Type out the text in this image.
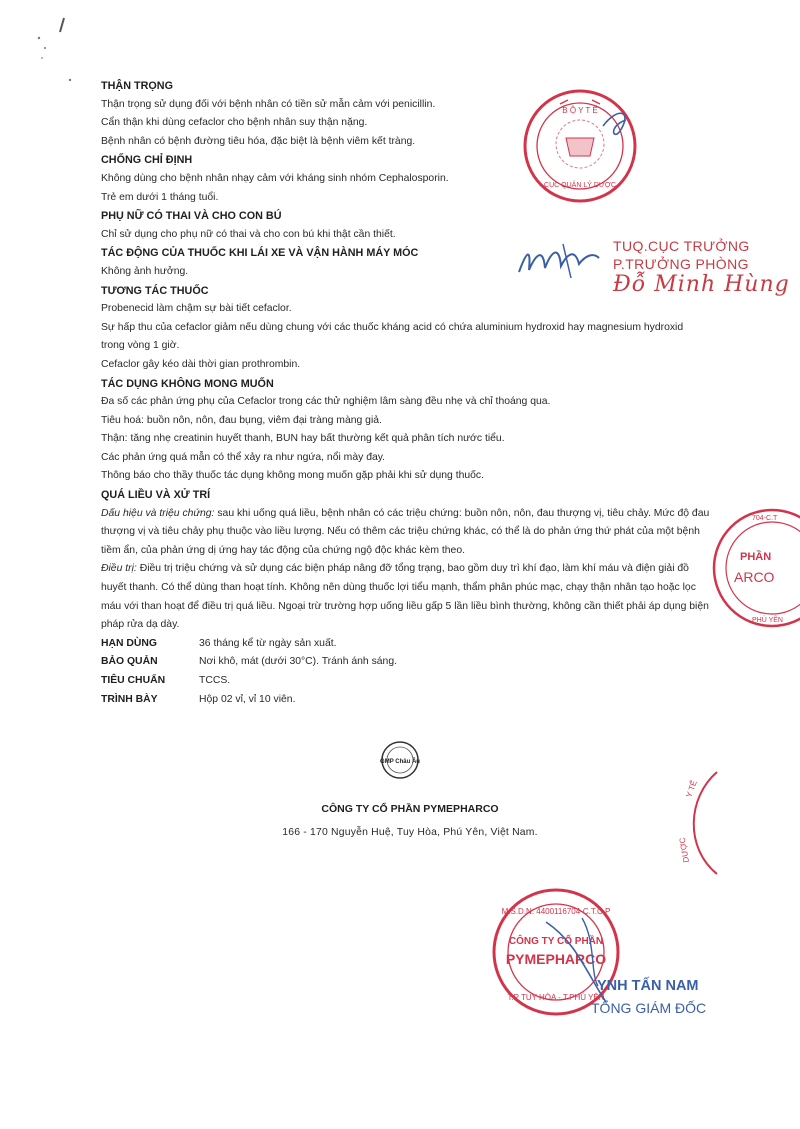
B Ộ Y T Ế
CỤC QUẢN LÝ DƯỢC
TUQ.CỤC TRƯỞNG
P.TRƯỞNG PHÒNG
Đỗ Minh Hùng
PHẦN
ARCO
704-C.T
PHÚ YÊN
Y TẾ
DƯỢC
M.S.D.N: 4400116704-C.T.C.P
CÔNG TY CỔ PHẦN
PYMEPHARCO
T.P TUY HÒA - T.PHÚ YÊN
YNH TẤN NAM
TỔNG GIÁM ĐỐC
THẬN TRỌNG
Thận trọng sử dụng đối với bệnh nhân có tiền sử mẫn cảm với penicillin.
Cẩn thận khi dùng cefaclor cho bệnh nhân suy thận nặng.
Bệnh nhân có bệnh đường tiêu hóa, đặc biệt là bệnh viêm kết tràng.
CHỐNG CHỈ ĐỊNH
Không dùng cho bệnh nhân nhạy cảm với kháng sinh nhóm Cephalosporin.
Trẻ em dưới 1 tháng tuổi.
PHỤ NỮ CÓ THAI VÀ CHO CON BÚ
Chỉ sử dụng cho phụ nữ có thai và cho con bú khi thật cần thiết.
TÁC ĐỘNG CỦA THUỐC KHI LÁI XE VÀ VẬN HÀNH MÁY MÓC
Không ảnh hưởng.
TƯƠNG TÁC THUỐC
Probenecid làm chậm sự bài tiết cefaclor.
Sự hấp thu của cefaclor giảm nếu dùng chung với các thuốc kháng acid có chứa aluminium hydroxid hay magnesium hydroxid
trong vòng 1 giờ.
Cefaclor gây kéo dài thời gian prothrombin.
TÁC DỤNG KHÔNG MONG MUỐN
Đa số các phản ứng phụ của Cefaclor trong các thử nghiệm lâm sàng đều nhẹ và chỉ thoáng qua.
Tiêu hoá: buồn nôn, nôn, đau bụng, viêm đại tràng màng giả.
Thận: tăng nhẹ creatinin huyết thanh, BUN hay bất thường kết quả phân tích nước tiểu.
Các phản ứng quá mẫn có thể xảy ra như ngứa, nổi mày đay.
Thông báo cho thầy thuốc tác dụng không mong muốn gặp phải khi sử dụng thuốc.
QUÁ LIỀU VÀ XỬ TRÍ
Dấu hiệu và triệu chứng: sau khi uống quá liều, bệnh nhân có các triệu chứng: buồn nôn, nôn, đau thượng vị, tiêu chảy. Mức độ đau thượng vị và tiêu chảy phụ thuộc vào liều lượng. Nếu có thêm các triệu chứng khác, có thể là do phản ứng thứ phát của một bệnh tiềm ẩn, của phản ứng dị ứng hay tác động của chứng ngộ độc khác kèm theo.
Điều trị: Điều trị triệu chứng và sử dụng các biện pháp nâng đỡ tổng trạng, bao gồm duy trì khí đạo, làm khí máu và điện giải đồ huyết thanh. Có thể dùng than hoạt tính. Không nên dùng thuốc lợi tiểu mạnh, thẩm phân phúc mạc, chạy thận nhân tạo hoặc lọc máu với than hoạt để điều trị quá liều. Ngoại trừ trường hợp uống liều gấp 5 lần liều bình thường, không cần thiết phải áp dụng biện pháp rửa dạ dày.
HẠN DÙNG	36 tháng kể từ ngày sản xuất.
BẢO QUẢN	Nơi khô, mát (dưới 30°C). Tránh ánh sáng.
TIÊU CHUẨN	TCCS.
TRÌNH BÀY	Hộp 02 vỉ, vỉ 10 viên.
GMP Châu Âu
CÔNG TY CỔ PHẦN PYMEPHARCO
166 - 170 Nguyễn Huệ, Tuy Hòa, Phú Yên, Việt Nam.
